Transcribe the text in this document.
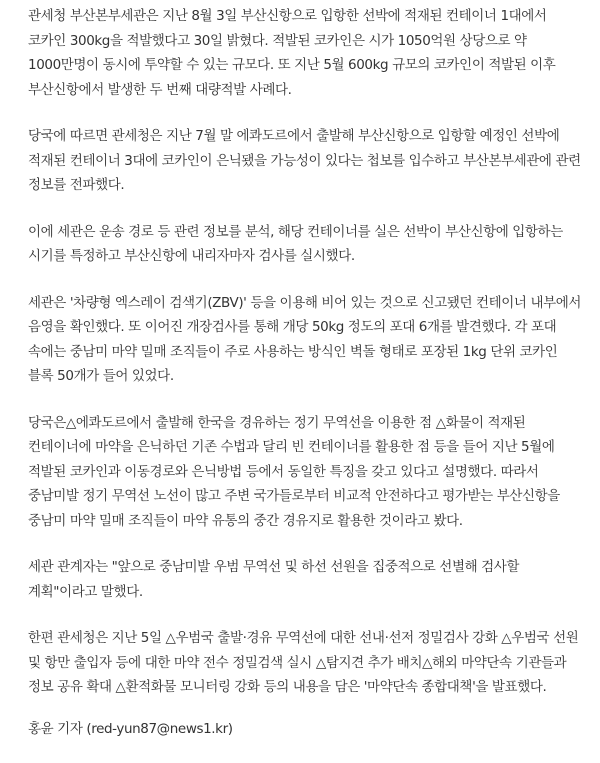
관세청 부산본부세관은 지난 8월 3일 부산신항으로 입항한 선박에 적재된 컨테이너 1대에서 코카인 300kg을 적발했다고 30일 밝혔다. 적발된 코카인은 시가 1050억원 상당으로 약 1000만명이 동시에 투약할 수 있는 규모다. 또 지난 5월 600kg 규모의 코카인이 적발된 이후 부산신항에서 발생한 두 번째 대량적발 사례다.

당국에 따르면 관세청은 지난 7월 말 에콰도르에서 출발해 부산신항으로 입항할 예정인 선박에 적재된 컨테이너 3대에 코카인이 은닉됐을 가능성이 있다는 첩보를 입수하고 부산본부세관에 관련 정보를 전파했다.

이에 세관은 운송 경로 등 관련 정보를 분석, 해당 컨테이너를 실은 선박이 부산신항에 입항하는 시기를 특정하고 부산신항에 내리자마자 검사를 실시했다.

세관은 '차량형 엑스레이 검색기(ZBV)' 등을 이용해 비어 있는 것으로 신고됐던 컨테이너 내부에서 음영을 확인했다. 또 이어진 개장검사를 통해 개당 50kg 정도의 포대 6개를 발견했다. 각 포대 속에는 중남미 마약 밀매 조직들이 주로 사용하는 방식인 벽돌 형태로 포장된 1kg 단위 코카인 블록 50개가 들어 있었다.

당국은△에콰도르에서 출발해 한국을 경유하는 정기 무역선을 이용한 점 △화물이 적재된 컨테이너에 마약을 은닉하던 기존 수법과 달리 빈 컨테이너를 활용한 점 등을 들어 지난 5월에 적발된 코카인과 이동경로와 은닉방법 등에서 동일한 특징을 갖고 있다고 설명했다. 따라서 중남미발 정기 무역선 노선이 많고 주변 국가들로부터 비교적 안전하다고 평가받는 부산신항을 중남미 마약 밀매 조직들이 마약 유통의 중간 경유지로 활용한 것이라고 봤다.

세관 관계자는 "앞으로 중남미발 우범 무역선 및 하선 선원을 집중적으로 선별해 검사할 계획"이라고 말했다.

한편 관세청은 지난 5일 △우범국 출발·경유 무역선에 대한 선내·선저 정밀검사 강화 △우범국 선원 및 항만 출입자 등에 대한 마약 전수 정밀검색 실시 △탐지견 추가 배치△해외 마약단속 기관들과 정보 공유 확대 △환적화물 모니터링 강화 등의 내용을 담은 '마약단속 종합대책'을 발표했다.

홍윤 기자 (red-yun87@news1.kr)
